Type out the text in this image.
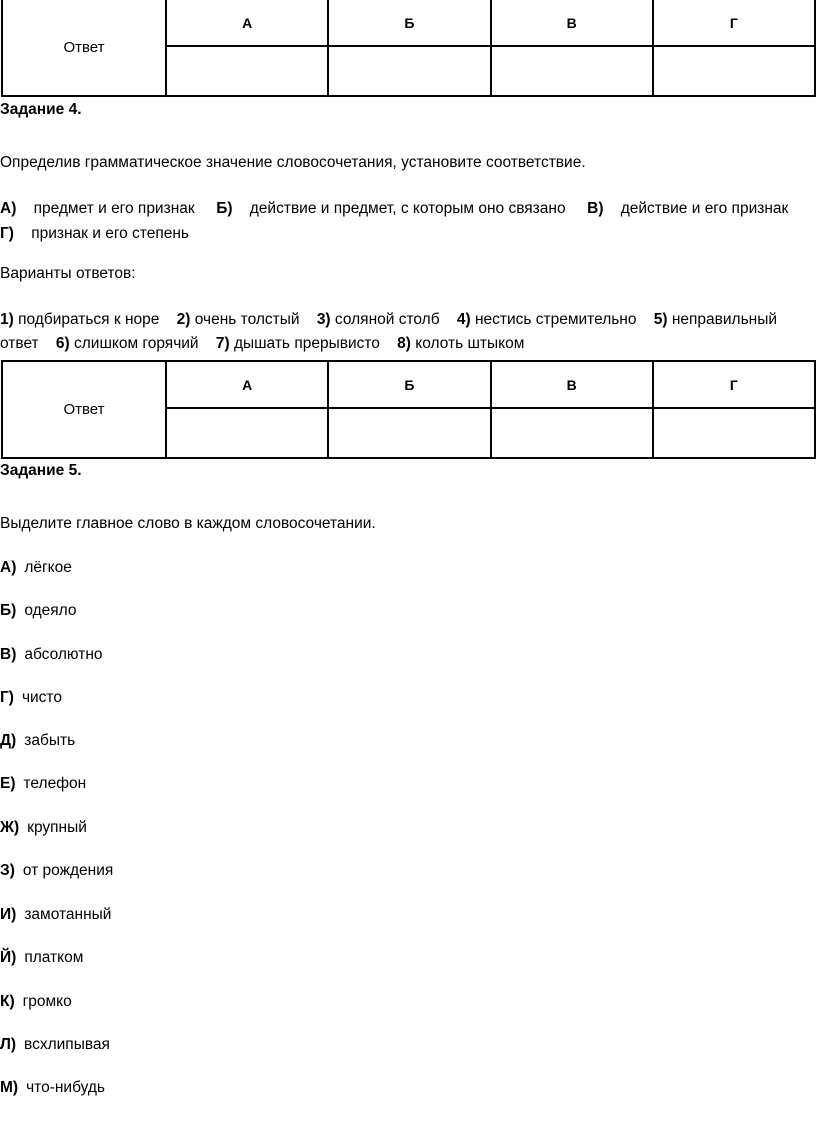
Ответ	А	Б	В	Г

Задание 4.
Определив грамматическое значение словосочетания, установите соответствие.
А) предмет и его признак Б) действие и предмет, с которым оно связано В) действие и его признак
Г) признак и его степень
Варианты ответов:
1) подбираться к норе 2) очень толстый 3) соляной столб 4) нестись стремительно 5) неправильный
ответ 6) слишком горячий 7) дышать прерывисто 8) колоть штыком
Ответ	А	Б	В	Г

Задание 5.
Выделите главное слово в каждом словосочетании.
А) лёгкое
Б) одеяло
В) абсолютно
Г) чисто
Д) забыть
Е) телефон
Ж) крупный
З) от рождения
И) замотанный
Й) платком
К) громко
Л) всхлипывая
М) что-нибудь
